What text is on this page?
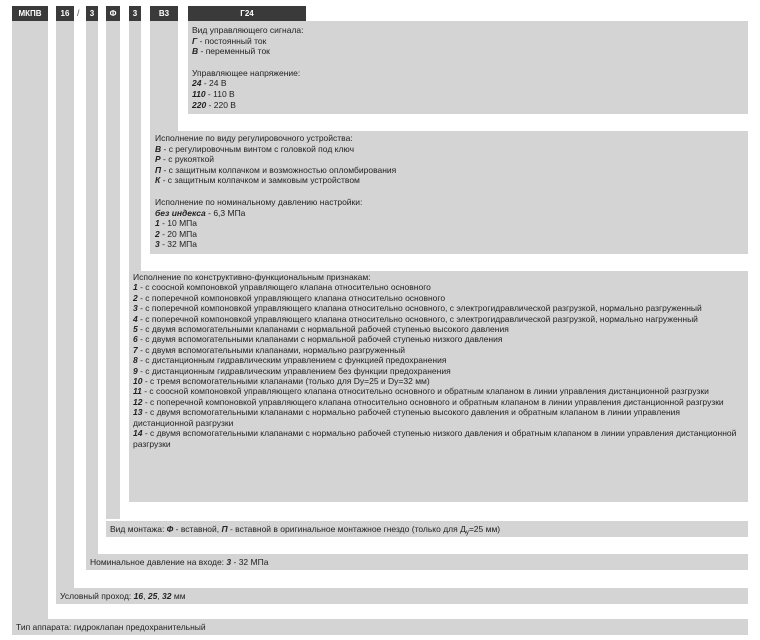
МКПВ	16 /	3	Ф	3	В3	Г24

Вид управляющего сигнала:

Г - постоянный ток

В - переменный ток

Управляющее напряжение:

24 - 24 В

110 - 110 В

220 - 220 В

Исполнение по виду регулировочного устройства:

В - с регулировочным винтом с головкой под ключ

Р - с рукояткой

П - с защитным колпачком и возможностью опломбирования

К - с защитным колпачком и замковым устройством

Исполнение по номинальному давлению настройки:

без индекса - 6,3 МПа

1 - 10 МПа

2 - 20 МПа

3 - 32 МПа

Исполнение по конструктивно-функциональным признакам:

1 - с соосной компоновкой управляющего клапана относительно основного

2 - с поперечной компоновкой управляющего клапана относительно основного

3 - с поперечной компоновкой управляющего клапана относительно основного, с электрогидравлической разгрузкой, нормально разгруженный

4 - с поперечной компоновкой управляющего клапана относительно основного, с электрогидравлической разгрузкой, нормально нагруженный

5 - с двумя вспомогательными клапанами с нормальной рабочей ступенью высокого давления

6 - с двумя вспомогательными клапанами с нормальной рабочей ступенью низкого давления

7 - с двумя вспомогательными клапанами, нормально разгруженный

8 - с дистанционным гидравлическим управлением с функцией предохранения

9 - с дистанционным гидравлическим управлением без функции предохранения

10 - с тремя вспомогательными клапанами (только для Dy=25 и Dy=32 мм)

11 - с соосной компоновкой управляющего клапана относительно основного и обратным клапаном в линии управления дистанционной разгрузки

12 - с поперечной компоновкой управляющего клапана относительно основного и обратным клапаном в линии управления дистанционной разгрузки

13 - с двумя вспомогательными клапанами с нормально рабочей ступенью высокого давления и обратным клапаном в линии управления дистанционной разгрузки

14 - с двумя вспомогательными клапанами с нормально рабочей ступенью низкого давления и обратным клапаном в линии управления дистанционной разгрузки

Вид монтажа: Ф - вставной, П - вставной в оригинальное монтажное гнездо (только для $Д_у=25$ мм)
Номинальное давление на входе: 3 - 32 МПа
Условный проход: 16, 25, 32 мм
Тип аппарата: гидроклапан предохранительный
